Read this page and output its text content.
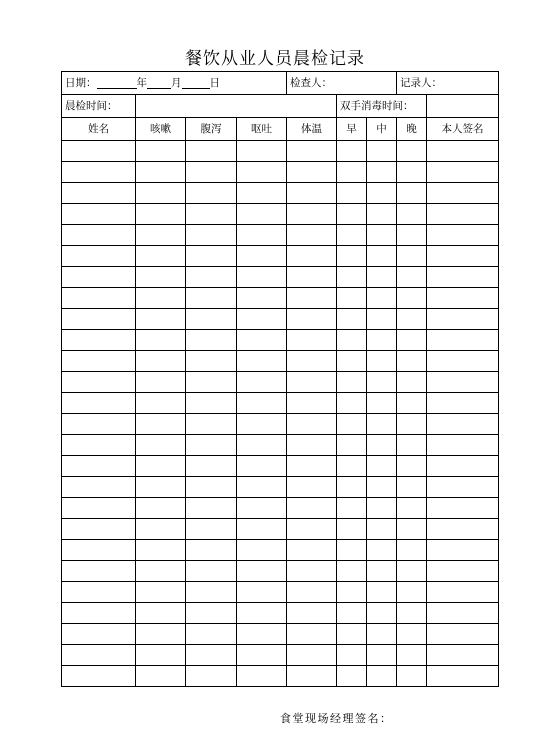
餐饮从业人员晨检记录
日期： 年 月 日				检查人：			记录人：	
晨检时间：					双手消毒时间：			
姓名	咳嗽	腹泻	呕吐	体温	早	中	晚	本人签名

食堂现场经理签名：
